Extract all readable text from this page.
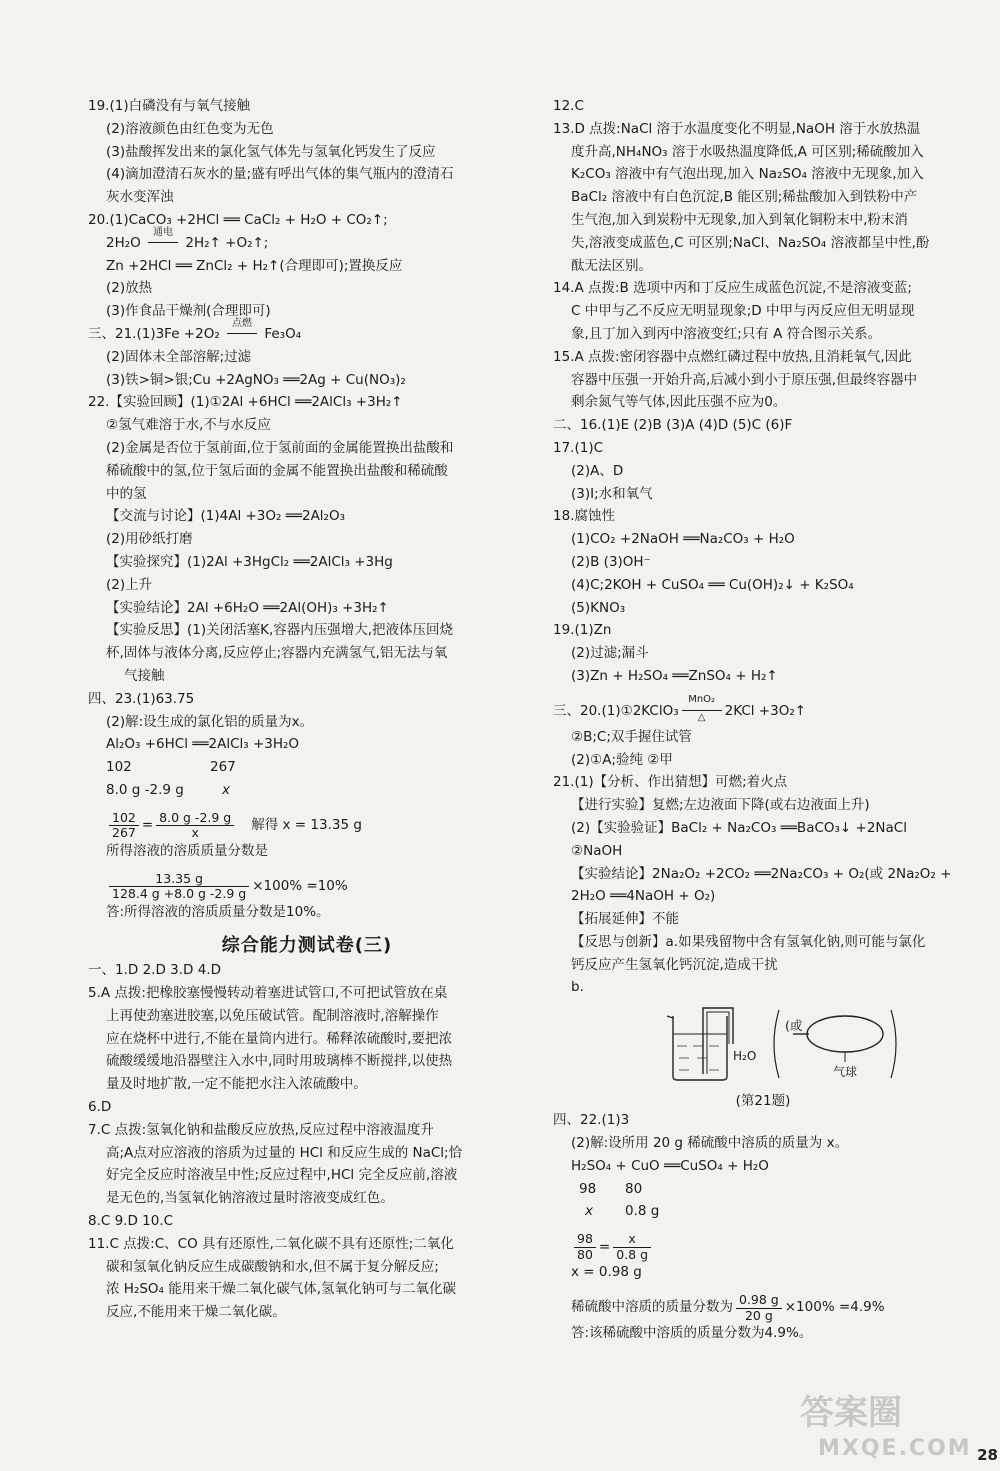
19.(1)白磷没有与氧气接触
(2)溶液颜色由红色变为无色
(3)盐酸挥发出来的氯化氢气体先与氢氧化钙发生了反应
(4)滴加澄清石灰水的量;盛有呼出气体的集气瓶内的澄清石
灰水变浑浊
20.(1)CaCO₃ +2HCl ══ CaCl₂ + H₂O + CO₂↑;
2H₂O
通电
2H₂↑ +O₂↑;
Zn +2HCl ══ ZnCl₂ + H₂↑(合理即可);置换反应
(2)放热
(3)作食品干燥剂(合理即可)
三、21.(1)3Fe +2O₂
点燃
Fe₃O₄
(2)固体未全部溶解;过滤
(3)铁>铜>银;Cu +2AgNO₃ ══2Ag + Cu(NO₃)₂
22.【实验回顾】(1)①2Al +6HCl ══2AlCl₃ +3H₂↑
②氢气难溶于水,不与水反应
(2)金属是否位于氢前面,位于氢前面的金属能置换出盐酸和
稀硫酸中的氢,位于氢后面的金属不能置换出盐酸和稀硫酸
中的氢
【交流与讨论】(1)4Al +3O₂ ══2Al₂O₃
(2)用砂纸打磨
【实验探究】(1)2Al +3HgCl₂ ══2AlCl₃ +3Hg
(2)上升
【实验结论】2Al +6H₂O ══2Al(OH)₃ +3H₂↑
【实验反思】(1)关闭活塞K,容器内压强增大,把液体压回烧
杯,固体与液体分离,反应停止;容器内充满氢气,铝无法与氧
气接触
四、23.(1)63.75
(2)解:设生成的氯化铝的质量为x。
Al₂O₃ +6HCl ══2AlCl₃ +3H₂O
102	267
8.0 g -2.9 g	x
$\frac{102}{267} = \frac{8.0 g -2.9 g}{x}$ 解得 x = 13.35 g
所得溶液的溶质质量分数是
$\frac{13.35 g}{128.4 g +8.0 g -2.9 g} \times 100\% =10\%$
答:所得溶液的溶质质量分数是10%。
综合能力测试卷(三)
一、1.D 2.D 3.D 4.D
5.A 点拨:把橡胶塞慢慢转动着塞进试管口,不可把试管放在桌
上再使劲塞进胶塞,以免压破试管。配制溶液时,溶解操作
应在烧杯中进行,不能在量筒内进行。稀释浓硫酸时,要把浓
硫酸缓缓地沿器壁注入水中,同时用玻璃棒不断搅拌,以使热
量及时地扩散,一定不能把水注入浓硫酸中。
6.D
7.C 点拨:氢氧化钠和盐酸反应放热,反应过程中溶液温度升
高;A点对应溶液的溶质为过量的 HCl 和反应生成的 NaCl;恰
好完全反应时溶液呈中性;反应过程中,HCl 完全反应前,溶液
是无色的,当氢氧化钠溶液过量时溶液变成红色。
8.C 9.D 10.C
11.C 点拨:C、CO 具有还原性,二氧化碳不具有还原性;二氧化
碳和氢氧化钠反应生成碳酸钠和水,但不属于复分解反应;
浓 H₂SO₄ 能用来干燥二氧化碳气体,氢氧化钠可与二氧化碳
反应,不能用来干燥二氧化碳。
12.C
13.D 点拨:NaCl 溶于水温度变化不明显,NaOH 溶于水放热温
度升高,NH₄NO₃ 溶于水吸热温度降低,A 可区别;稀硫酸加入
K₂CO₃ 溶液中有气泡出现,加入 Na₂SO₄ 溶液中无现象,加入
BaCl₂ 溶液中有白色沉淀,B 能区别;稀盐酸加入到铁粉中产
生气泡,加入到炭粉中无现象,加入到氧化铜粉末中,粉末消
失,溶液变成蓝色,C 可区别;NaCl、Na₂SO₄ 溶液都呈中性,酚
酞无法区别。
14.A 点拨:B 选项中丙和丁反应生成蓝色沉淀,不是溶液变蓝;
C 中甲与乙不反应无明显现象;D 中甲与丙反应但无明显现
象,且丁加入到丙中溶液变红;只有 A 符合图示关系。
15.A 点拨:密闭容器中点燃红磷过程中放热,且消耗氧气,因此
容器中压强一开始升高,后减小到小于原压强,但最终容器中
剩余氮气等气体,因此压强不应为0。
二、16.(1)E (2)B (3)A (4)D (5)C (6)F
17.(1)C
(2)A、D
(3)Ⅰ;水和氧气
18.腐蚀性
(1)CO₂ +2NaOH ══Na₂CO₃ + H₂O
(2)B (3)OH⁻
(4)C;2KOH + CuSO₄ ══ Cu(OH)₂↓ + K₂SO₄
(5)KNO₃
19.(1)Zn
(2)过滤;漏斗
(3)Zn + H₂SO₄ ══ZnSO₄ + H₂↑
三、20.(1)①2KClO₃
MnO₂
△	2KCl +3O₂↑
②B;C;双手握住试管
(2)①A;验纯 ②甲
21.(1)【分析、作出猜想】可燃;着火点
【进行实验】复燃;左边液面下降(或右边液面上升)
(2)【实验验证】BaCl₂ + Na₂CO₃ ══BaCO₃↓ +2NaCl
②NaOH
【实验结论】2Na₂O₂ +2CO₂ ══2Na₂CO₃ + O₂(或 2Na₂O₂ +
2H₂O ══4NaOH + O₂)
【拓展延伸】不能
【反思与创新】a.如果残留物中含有氢氧化钠,则可能与氯化
钙反应产生氢氧化钙沉淀,造成干扰
b.
H₂O
(或
气球
(第21题)
四、22.(1)3
(2)解:设所用 20 g 稀硫酸中溶质的质量为 x。
H₂SO₄ + CuO ══CuSO₄ + H₂O
98 80
x 0.8 g
$\frac{98}{80} = \frac{x}{0.8 g}$
x = 0.98 g
稀硫酸中溶质的质量分数为 $\frac{0.98 g}{20 g} \times 100\% =4.9\%$
答:该稀硫酸中溶质的质量分数为4.9%。
答案圈
MXQE.COM 28
